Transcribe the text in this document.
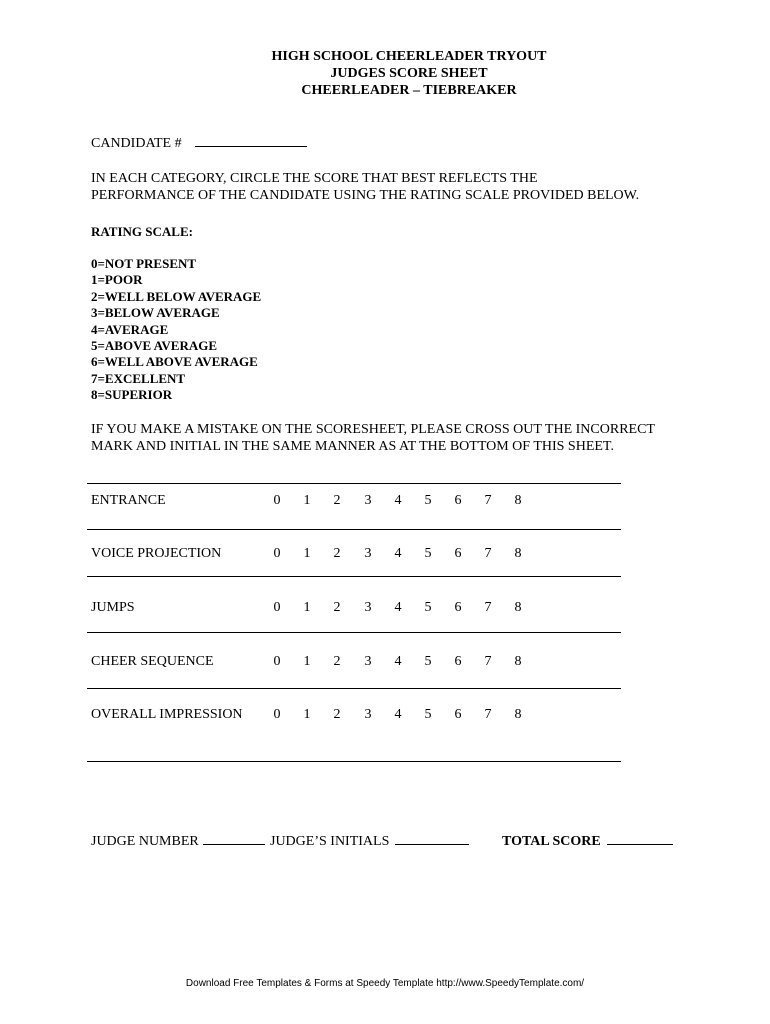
HIGH SCHOOL CHEERLEADER TRYOUT
JUDGES SCORE SHEET
CHEERLEADER – TIEBREAKER
CANDIDATE #
IN EACH CATEGORY, CIRCLE THE SCORE THAT BEST REFLECTS THE
PERFORMANCE OF THE CANDIDATE USING THE RATING SCALE PROVIDED BELOW.
RATING SCALE:
0=NOT PRESENT
1=POOR
2=WELL BELOW AVERAGE
3=BELOW AVERAGE
4=AVERAGE
5=ABOVE AVERAGE
6=WELL ABOVE AVERAGE
7=EXCELLENT
8=SUPERIOR
IF YOU MAKE A MISTAKE ON THE SCORESHEET, PLEASE CROSS OUT THE INCORRECT
MARK AND INITIAL IN THE SAME MANNER AS AT THE BOTTOM OF THIS SHEET.
ENTRANCE	0 1 2 3 4 5 6 7 8
VOICE PROJECTION	0 1 2 3 4 5 6 7 8
JUMPS	0 1 2 3 4 5 6 7 8
CHEER SEQUENCE	0 1 2 3 4 5 6 7 8
OVERALL IMPRESSION 0 1 2 3 4 5 6 7 8
JUDGE NUMBER	JUDGE’S INITIALS	TOTAL SCORE
Download Free Templates & Forms at Speedy Template http://www.SpeedyTemplate.com/
